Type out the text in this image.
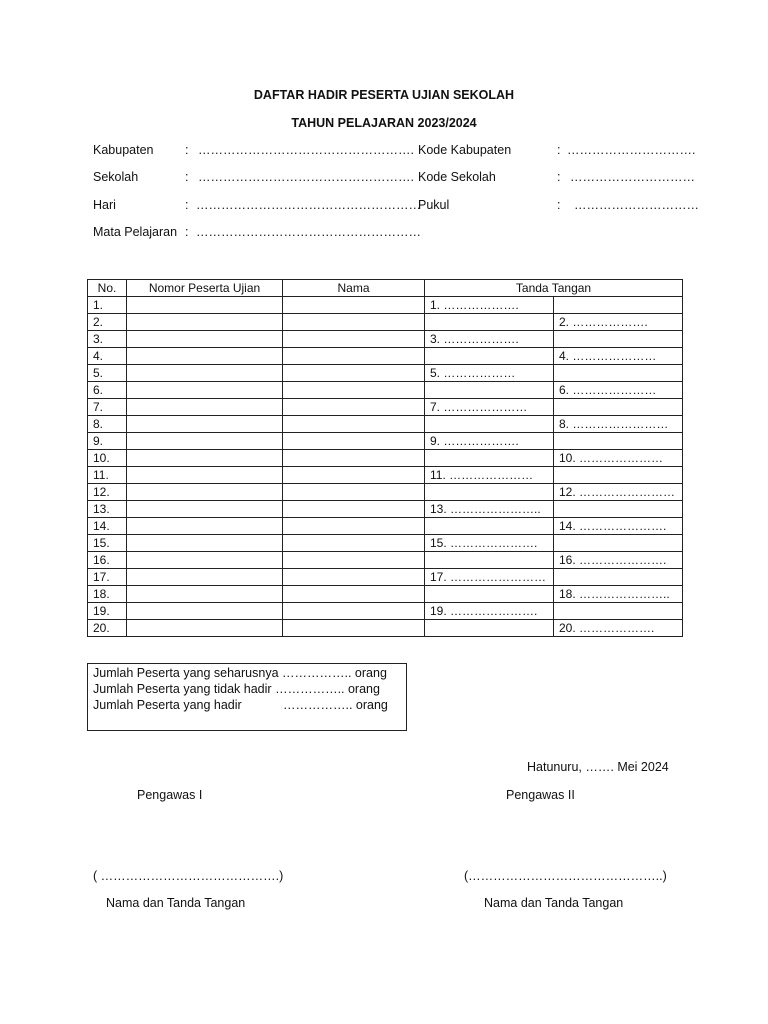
DAFTAR HADIR PESERTA UJIAN SEKOLAH
TAHUN PELAJARAN 2023/2024
Kabupaten	: …………………………………………….
Sekolah	: …………………………………………….
Hari	: ………………………………………………
Mata Pelajaran : ………………………………………………
Kode Kabupaten	: ………………………….
Kode Sekolah	: …………………………
Pukul	: …………………………
No.	Nomor Peserta Ujian	Nama	Tanda Tangan	
1.			1. ……………….	
2.				2. ……………….
3.			3. ……………….	
4.				4. …………………
5.			5. ………………	
6.				6. …………………
7.			7. …………………	
8.				8. ……………………
9.			9. ……………….	
10.				10. …………………
11.			11. …………………	
12.				12. ……………………
13.			13. …………………..	
14.				14. ………………….
15.			15. ………………….	
16.				16. ………………….
17.			17. ……………………	
18.				18. …………………..
19.			19. ………………….	
20.				20. ……………….
Jumlah Peserta yang seharusnya …………….. orang
Jumlah Peserta yang tidak hadir …………….. orang
Jumlah Peserta yang hadir	…………….. orang
Hatunuru, ……. Mei 2024
Pengawas I	Pengawas II
( …………………………………….)	(………………………………………..)
Nama dan Tanda Tangan	Nama dan Tanda Tangan
